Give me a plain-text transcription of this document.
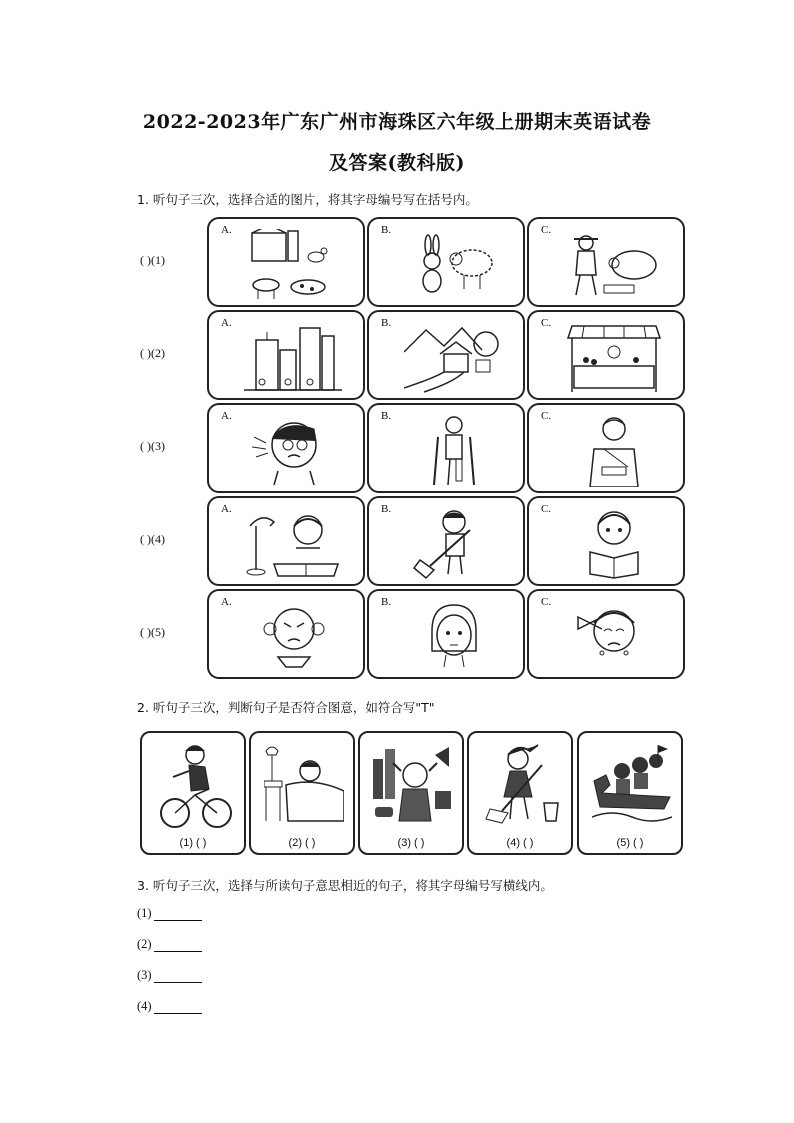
2022-2023年广东广州市海珠区六年级上册期末英语试卷
及答案(教科版)
1. 听句子三次，选择合适的图片，将其字母编号写在括号内。
( )(1)
A.	B.	C.
( )(2)
A.	B.	C.
( )(3)
A.	B.	C.
( )(4)
A.	B.	C.
( )(5)
A.	B.	C.
2. 听句子三次，判断句子是否符合图意，如符合写"T"
(1) ( )	(2) ( )	(3) ( )	(4) ( )	(5) ( )
3. 听句子三次，选择与所读句子意思相近的句子，将其字母编号写横线内。
(1)
(2)
(3)
(4)
